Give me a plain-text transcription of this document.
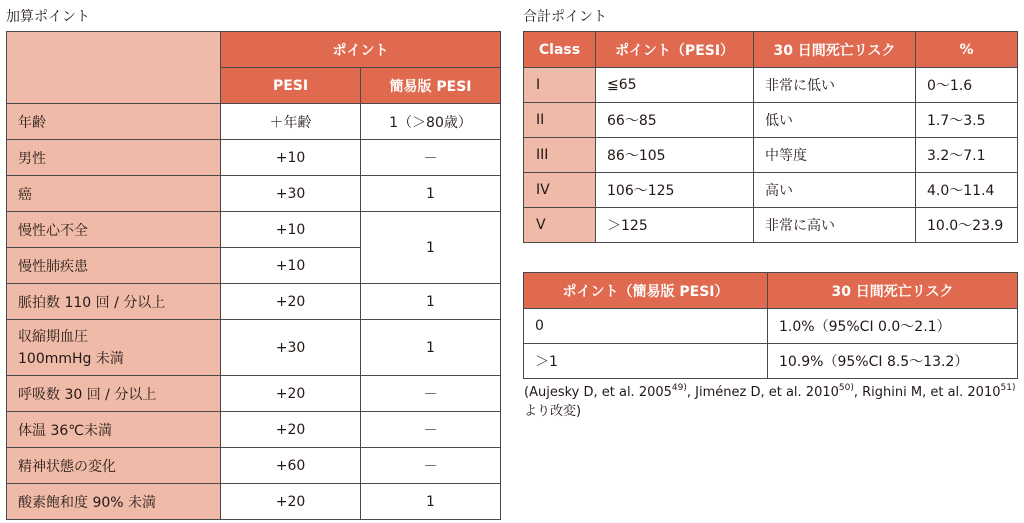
加算ポイント	合計ポイント
	ポイント	
	PESI	簡易版 PESI
年齢	＋年齢	1（＞80歳）
男性	+10	－
癌	+30	1
慢性心不全	+10	1
慢性肺疾患	+10	
脈拍数 110 回 / 分以上	+20	1

収縮期血圧
100mmHg 未満	+30	1
呼吸数 30 回 / 分以上	+20	－
体温 36℃未満	+20	－
精神状態の変化	+60	－
酸素飽和度 90% 未満	+20	1
Class	ポイント（PESI）	30 日間死亡リスク	%
I	≦65	非常に低い	0～1.6
II	66～85	低い	1.7～3.5
III	86～105	中等度	3.2～7.1
IV	106～125	高い	4.0～11.4
V	＞125	非常に高い	10.0～23.9
ポイント（簡易版 PESI）	30 日間死亡リスク
0	1.0%（95%CI 0.0～2.1）
＞1	10.9%（95%CI 8.5～13.2）
(Aujesky D, et al. 2005$^{49)}$, Jiménez D, et al. 2010$^{50)}$, Righini M, et al. 2010$^{51)}$
より改変)
